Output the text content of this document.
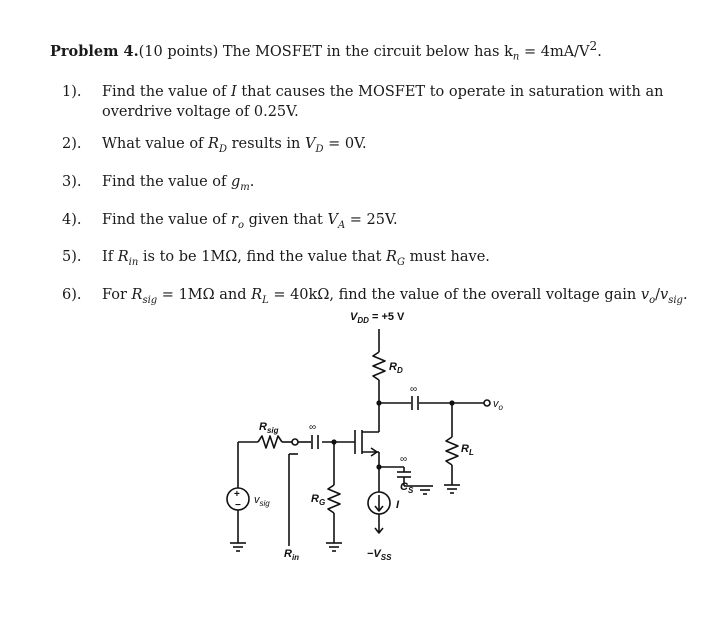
Problem 4.(10 points) The MOSFET in the circuit below has $k_n = 4mA/V^2$.

1).	Find the value of I that causes the MOSFET to operate in saturation with an overdrive voltage of 0.25V.
2).	What value of $R_D$ results in $V_D = 0V$.
3).	Find the value of $g_m$.
4).	Find the value of $r_o$ given that $V_A = 25V$.
5).	If $R_{in}$ is to be 1MΩ, find the value that $R_G$ must have.
6).	For $R_{sig} = 1M\Omega$ and $R_L = 40k\Omega$, find the value of the overall voltage gain $v_o/v_{sig}$.
$V_{DD} = +5$ V
$R_D$
∞
$v_o$
$R_L$
$R_{sig}$	∞
∞
$C_S$
I
$-V_{SS}$
+
− $v_{sig}$	$R_G$
$R_{in}$
